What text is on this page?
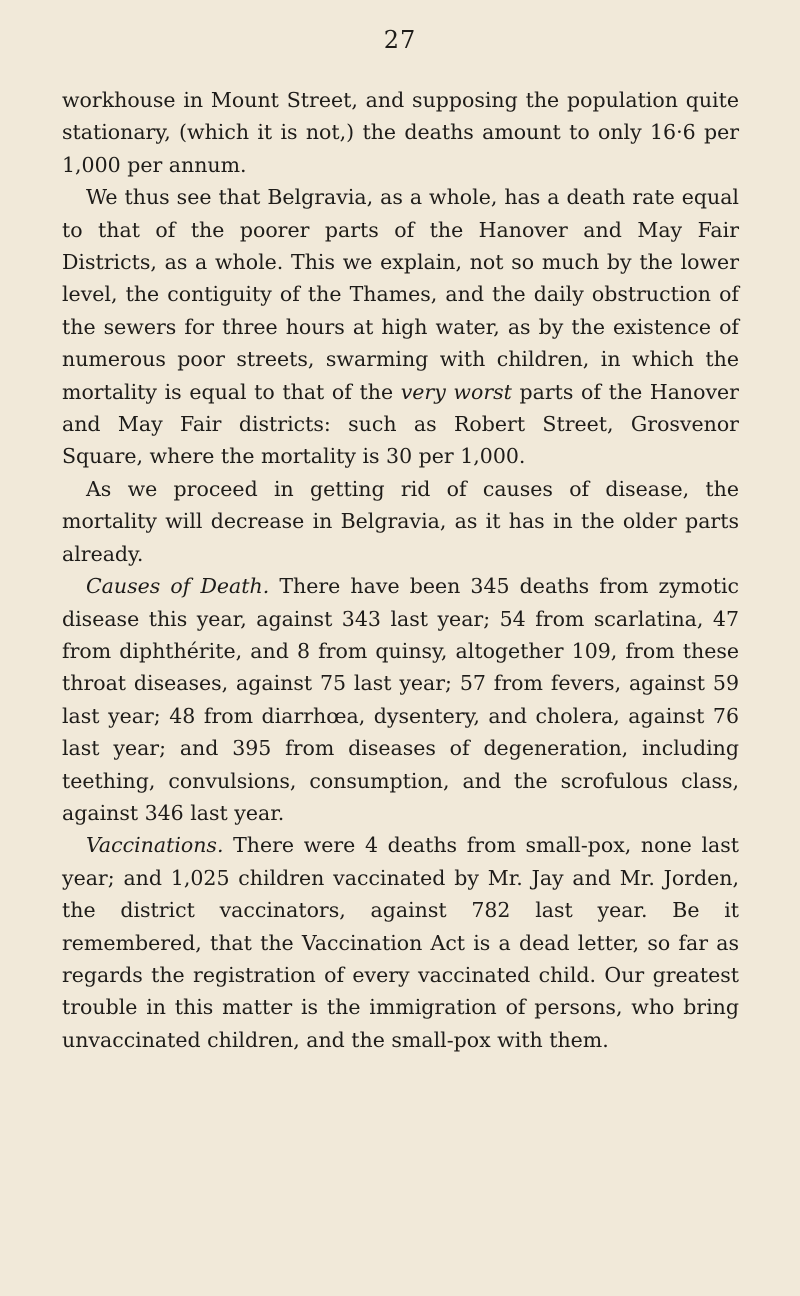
27

workhouse in Mount Street, and supposing the population quite stationary, (which it is not,) the deaths amount to only 16·6 per 1,000 per annum.

We thus see that Belgravia, as a whole, has a death rate equal to that of the poorer parts of the Hanover and May Fair Districts, as a whole. This we explain, not so much by the lower level, the contiguity of the Thames, and the daily obstruction of the sewers for three hours at high water, as by the existence of numerous poor streets, swarming with children, in which the mortality is equal to that of the very worst parts of the Hanover and May Fair districts: such as Robert Street, Grosvenor Square, where the mortality is 30 per 1,000.

As we proceed in getting rid of causes of disease, the mortality will decrease in Belgravia, as it has in the older parts already.

Causes of Death. There have been 345 deaths from zymotic disease this year, against 343 last year; 54 from scarlatina, 47 from diphthérite, and 8 from quinsy, altogether 109, from these throat diseases, against 75 last year; 57 from fevers, against 59 last year; 48 from diarrhœa, dysentery, and cholera, against 76 last year; and 395 from diseases of degeneration, including teething, convulsions, consumption, and the scrofulous class, against 346 last year.

Vaccinations. There were 4 deaths from small-pox, none last year; and 1,025 children vaccinated by Mr. Jay and Mr. Jorden, the district vaccinators, against 782 last year. Be it remembered, that the Vaccination Act is a dead letter, so far as regards the registration of every vaccinated child. Our greatest trouble in this matter is the immigration of persons, who bring unvaccinated children, and the small-pox with them.
